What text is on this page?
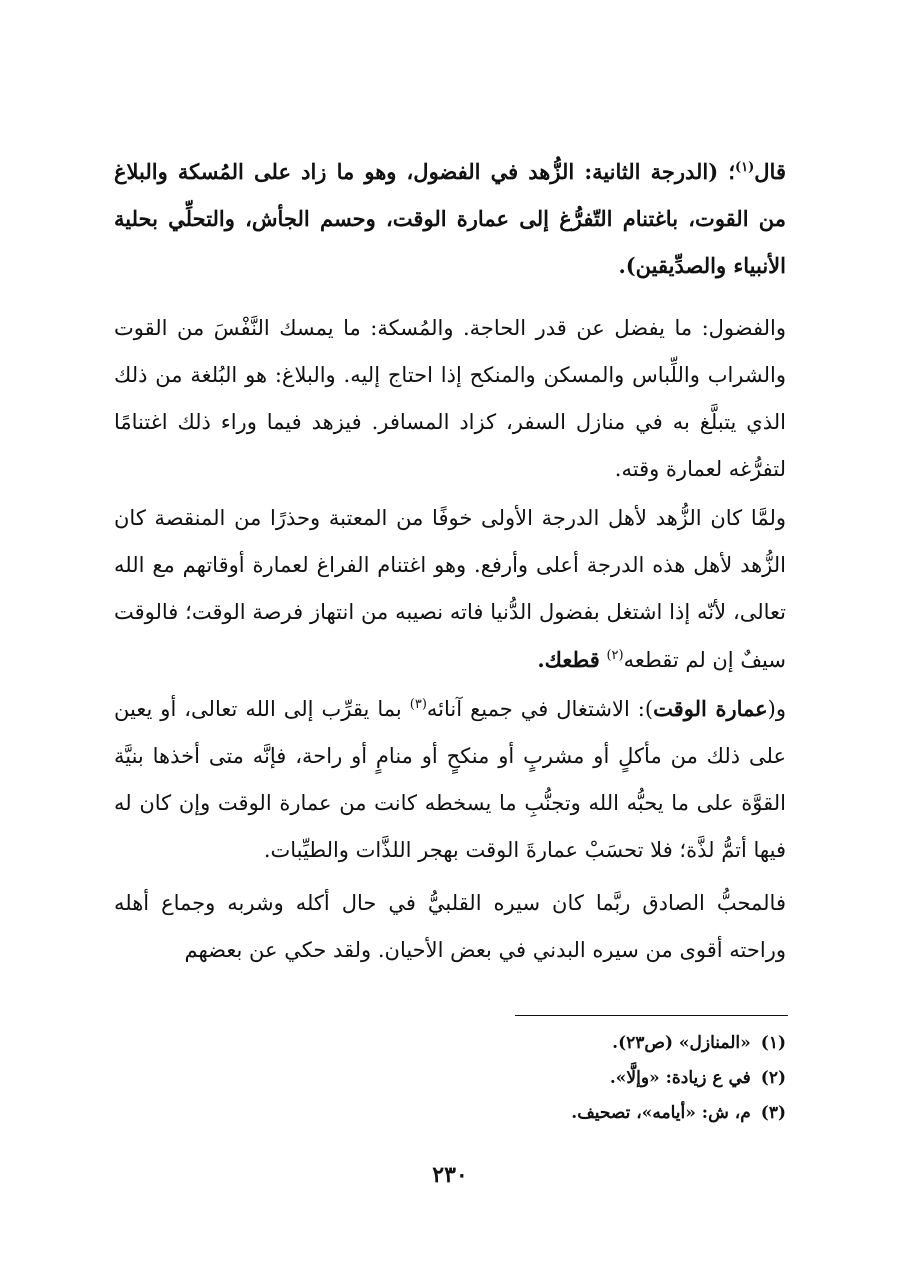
قال$^{(١)}$؛ (الدرجة الثانية: الزُّهد في الفضول، وهو ما زاد على المُسكة والبلاغ من القوت، باغتنام التّفرُّغ إلى عمارة الوقت، وحسم الجأش، والتحلِّي بحلية الأنبياء والصدِّيقين).

والفضول: ما يفضل عن قدر الحاجة. والمُسكة: ما يمسك النَّفْسَ من القوت والشراب واللِّباس والمسكن والمنكح إذا احتاج إليه. والبلاغ: هو البُلغة من ذلك الذي يتبلَّغ به في منازل السفر، كزاد المسافر. فيزهد فيما وراء ذلك اغتنامًا لتفرُّغه لعمارة وقته.

ولمَّا كان الزُّهد لأهل الدرجة الأولى خوفًا من المعتبة وحذرًا من المنقصة كان الزُّهد لأهل هذه الدرجة أعلى وأرفع. وهو اغتنام الفراغ لعمارة أوقاتهم مع الله تعالى، لأنّه إذا اشتغل بفضول الدُّنيا فاته نصيبه من انتهاز فرصة الوقت؛ فالوقت سيفٌ إن لم تقطعه$^{(٢)}$ قطعك.

و(عمارة الوقت): الاشتغال في جميع آنائه$^{(٣)}$ بما يقرِّب إلى الله تعالى، أو يعين على ذلك من مأكلٍ أو مشربٍ أو منكحٍ أو منامٍ أو راحة، فإنَّه متى أخذها بنيَّة القوَّة على ما يحبُّه الله وتجنُّبِ ما يسخطه كانت من عمارة الوقت وإن كان له فيها أتمُّ لذَّة؛ فلا تحسَبْ عمارةَ الوقت بهجر اللذَّات والطيِّبات.

فالمحبُّ الصادق ربَّما كان سيره القلبيُّ في حال أكله وشربه وجماع أهله وراحته أقوى من سيره البدني في بعض الأحيان. ولقد حكي عن بعضهم

(١)«المنازل» (ص٢٣).
(٢)في ع زيادة: «وإلَّا».
(٣)م، ش: «أيامه»، تصحيف.
٢٣٠
